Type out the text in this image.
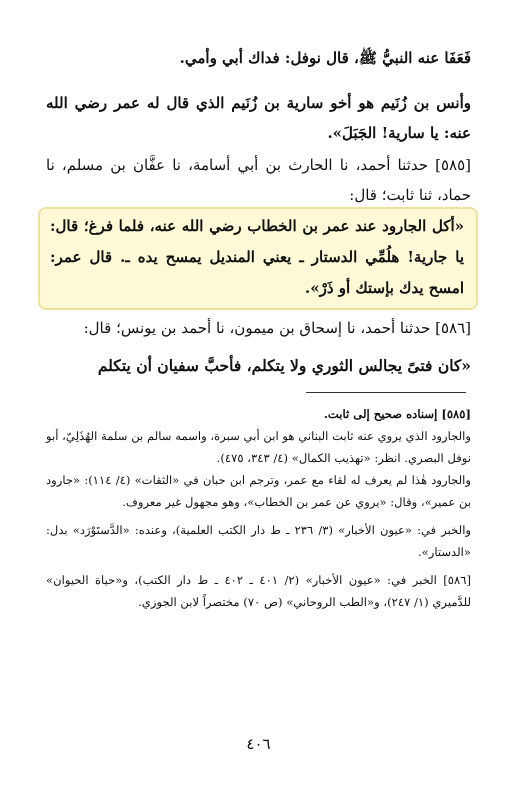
فَعَفَا عنه النبيُّ ﷺ، قال نوفل: فداك أبي وأمي.

وأنس بن زُنَيم هو أخو سارية بن زُنَيم الذي قال له عمر رضي الله عنه: يا سارية! الجَبَلَ».

[٥٨٥] حدثنا أحمد، نا الحارث بن أبي أسامة، نا عفَّان بن مسلم، نا حماد، ثنا ثابت؛ قال:

«أكل الجارود عند عمر بن الخطاب رضي الله عنه، فلما فرغ؛ قال: يا جارية! هلُمِّي الدستار ـ يعني المنديل يمسح يده ـ. قال عمر: امسح يدك بإستك أو ذَرْ».

[٥٨٦] حدثنا أحمد، نا إسحاق بن ميمون، نا أحمد بن يونس؛ قال:

«كان فتىً يجالس الثوري ولا يتكلم، فأحبَّ سفيان أن يتكلم

[٥٨٥] إسناده صحيح إلى ثابت.

والجارود الذي يروي عنه ثابت البناني هو ابن أبي سبرة، واسمه سالم بن سلمة الهُذَلِيّ، أبو نوفل البصري. انظر: «تهذيب الكمال» (٤/ ٣٤٣، ٤٧٥).

والجارود هٰذا لم يعرف له لقاء مع عمر، وترجم ابن حبان في «الثقات» (٤/ ١١٤): «جارود بن عمير»، وقال: «يروي عن عمر بن الخطاب»، وهو مجهول غير معروف.

والخبر في: «عيون الأخبار» (٣/ ٢٣٦ ـ ط دار الكتب العلمية)، وعنده: «الدَّستَوْرَد» بدل: «الدستار».

[٥٨٦] الخبر في: «عيون الأخبار» (٢/ ٤٠١ ـ ٤٠٢ ـ ط دار الكتب)، و«حياة الحيوان» للدَّميري (١/ ٢٤٧)، و«الطب الروحاني» (ص ٧٠) مختصراً لابن الجوزي.

٤٠٦
